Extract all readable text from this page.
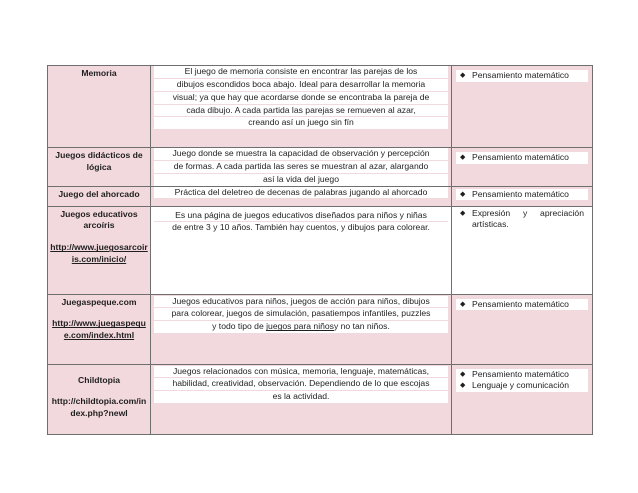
Memoria	El juego de memoria consiste en encontrar las parejas de los
dibujos escondidos boca abajo. Ideal para desarrollar la memoria
visual; ya que hay que acordarse donde se encontraba la pareja de
cada dibujo. A cada partida las parejas se remueven al azar,
creando así un juego sin fín	◆ Pensamiento matemático

Juegos didácticos de lógica	Juego donde se muestra la capacidad de observación y percepción
de formas. A cada partida las seres se muestran al azar, alargando
así la vida del juego	◆ Pensamiento matemático

Juego del ahorcado	Práctica del deletreo de decenas de palabras jugando al ahorcado	◆ Pensamiento matemático

Juegos educativos arcoíris
http://www.juegosarcoiris.com/inicio/	Es una página de juegos educativos diseñados para niños y niñas
de entre 3 y 10 años. También hay cuentos, y dibujos para colorear.	◆ Expresión y apreciación artísticas.

Juegaspeque.com
http://www.juegaspeque.com/index.html	Juegos educativos para niños, juegos de acción para niños, dibujos
para colorear, juegos de simulación, pasatiempos infantiles, puzzles
y todo tipo de juegos para niñosy no tan niños.	◆ Pensamiento matemático

Childtopia
http://childtopia.com/index.php?newl	Juegos relacionados con música, memoria, lenguaje, matemáticas,
habilidad, creatividad, observación. Dependiendo de lo que escojas
es la actividad.	◆ Pensamiento matemático
◆ Lenguaje y comunicación
